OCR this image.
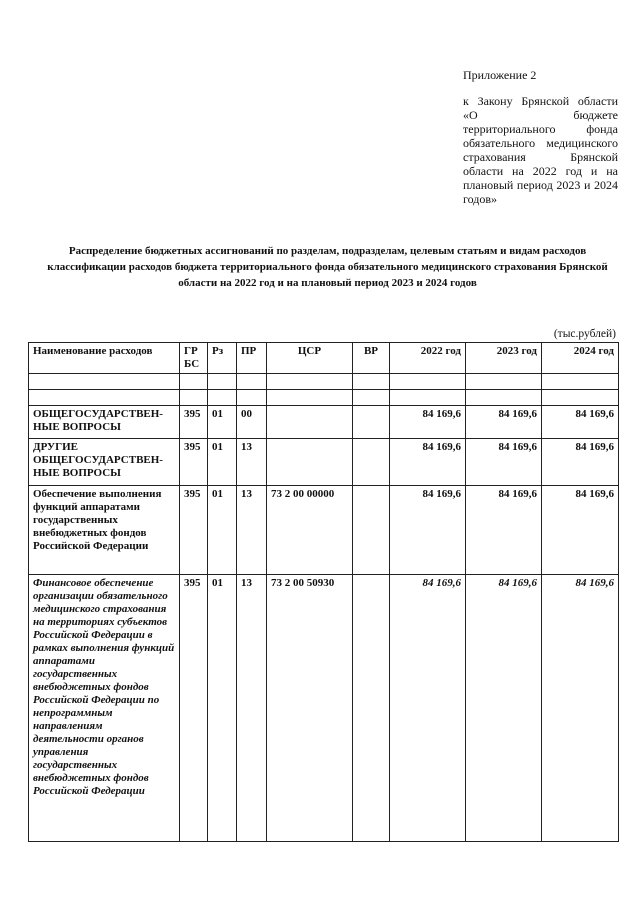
Приложение 2
к Закону Брянской области «О бюджете территориального фонда обязательного медицинского страхования Брянской области на 2022 год и на плановый период 2023 и 2024 годов»
Распределение бюджетных ассигнований по разделам, подразделам, целевым статьям и видам расходов классификации расходов бюджета территориального фонда обязательного медицинского страхования Брянской области на 2022 год и на плановый период 2023 и 2024 годов
(тыс.рублей)
Наименование расходов	ГР БС	Рз	ПР	ЦСР	ВР	2022 год	2023 год	2024 год

ОБЩЕГОСУДАРСТВЕН-НЫЕ ВОПРОСЫ	395	01	00			84 169,6	84 169,6	84 169,6
ДРУГИЕ ОБЩЕГОСУДАРСТВЕН-НЫЕ ВОПРОСЫ	395	01	13			84 169,6	84 169,6	84 169,6
Обеспечение выполнения функций аппаратами государственных внебюджетных фондов Российской Федерации	395	01	13	73 2 00 00000		84 169,6	84 169,6	84 169,6
Финансовое обеспечение организации обязательного медицинского страхования на территориях субъектов Российской Федерации в рамках выполнения функций аппаратами государственных внебюджетных фондов Российской Федерации по непрограммным направлениям деятельности органов управления государственных внебюджетных фондов Российской Федерации	395	01	13	73 2 00 50930		84 169,6	84 169,6	84 169,6
